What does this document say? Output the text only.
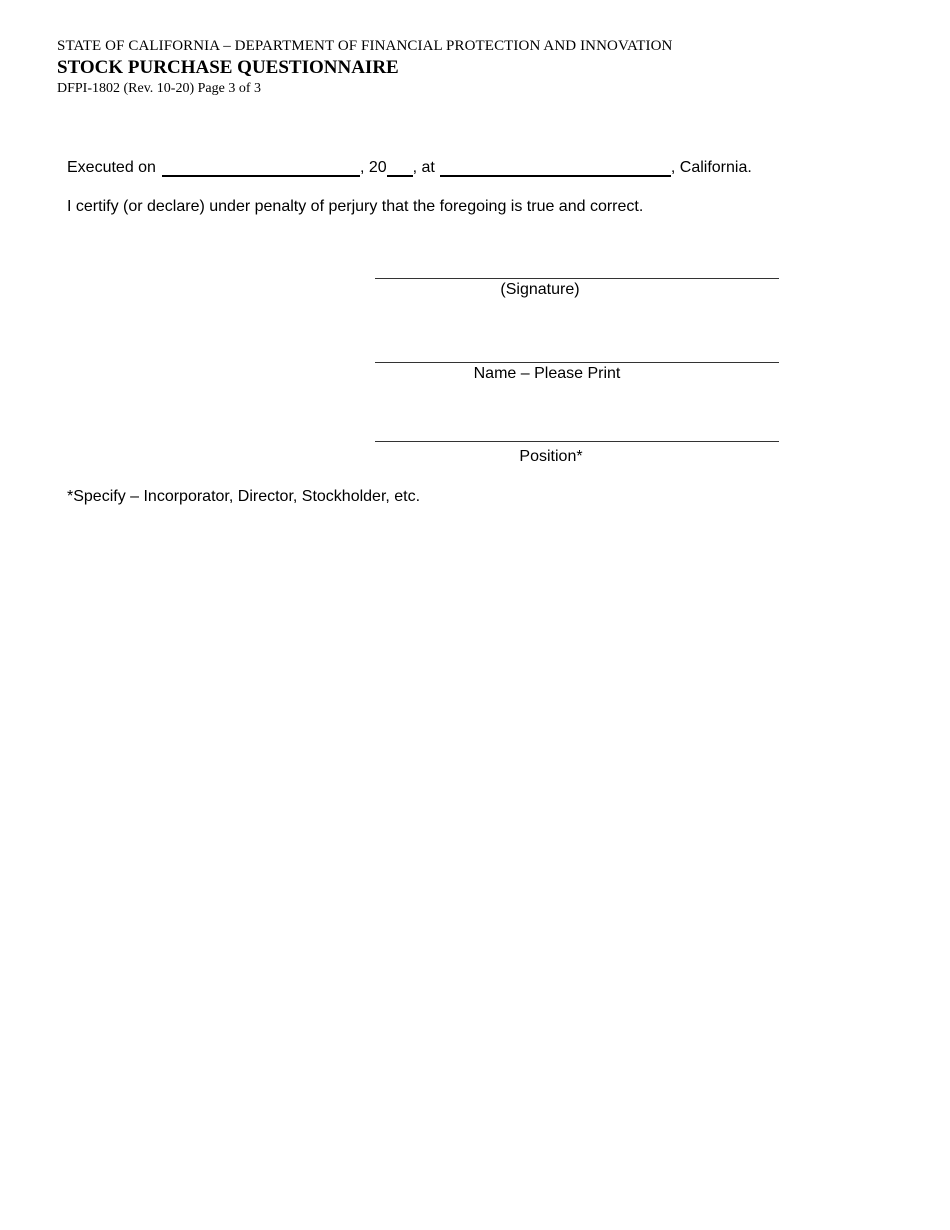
STATE OF CALIFORNIA – DEPARTMENT OF FINANCIAL PROTECTION AND INNOVATION
STOCK PURCHASE QUESTIONNAIRE
DFPI-1802 (Rev. 10-20) Page 3 of 3
Executed on	, 20 , at	, California.
I certify (or declare) under penalty of perjury that the foregoing is true and correct.
(Signature)
Name – Please Print
Position*
*Specify – Incorporator, Director, Stockholder, etc.
